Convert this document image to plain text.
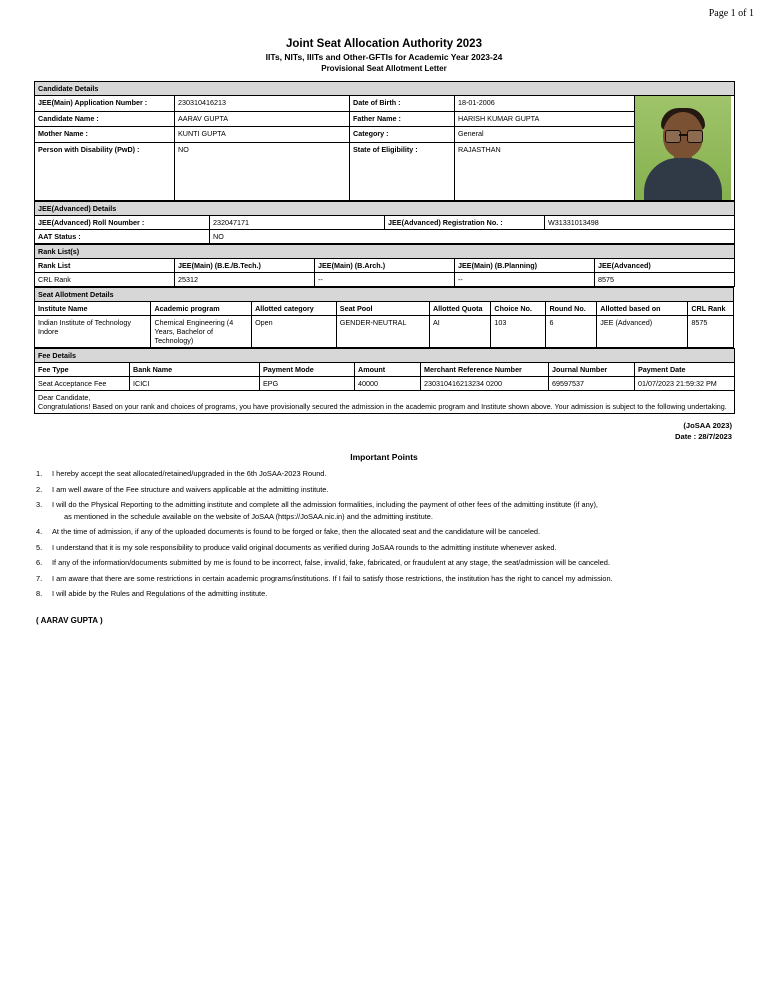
Page 1 of 1
Joint Seat Allocation Authority 2023
IITs, NITs, IIITs and Other-GFTIs for Academic Year 2023-24
Provisional Seat Allotment Letter
Candidate Details				
JEE(Main) Application Number :	230310416213	Date of Birth :	18-01-2006	

Candidate Name :	AARAV GUPTA	Father Name :	HARISH KUMAR GUPTA	
Mother Name :	KUNTI GUPTA	Category :	General	
Person with Disability (PwD) :	NO	State of Eligibility :	RAJASTHAN	
JEE(Advanced) Details			
JEE(Advanced) Roll Noumber :	232047171	JEE(Advanced) Registration No. :	W31331013498
AAT Status :	NO		
Rank List(s)				
Rank List	JEE(Main) (B.E./B.Tech.)	JEE(Main) (B.Arch.)	JEE(Main) (B.Planning)	JEE(Advanced)
CRL Rank	25312	--	--	8575
Seat Allotment Details								
Institute Name	Academic program	Allotted category	Seat Pool	Allotted Quota	Choice No.	Round No.	Allotted based on	CRL Rank
Indian Institute of Technology Indore	Chemical Engineering (4 Years, Bachelor of Technology)	Open	GENDER-NEUTRAL	AI	103	6	JEE (Advanced)	8575
Fee Details						
Fee Type	Bank Name	Payment Mode	Amount	Merchant Reference Number	Journal Number	Payment Date
Seat Acceptance Fee	ICICI	EPG	40000	230310416213234 0200	69597537	01/07/2023 21:59:32 PM

Dear Candidate,
Congratulations! Based on your rank and choices of programs, you have provisionally secured the admission in the academic program and Institute shown above. Your admission is subject to the following undertaking.						
(JoSAA 2023)
Date : 28/7/2023
Important Points
1. I hereby accept the seat allocated/retained/upgraded in the 6th JoSAA-2023 Round.
2. I am well aware of the Fee structure and waivers applicable at the admitting institute.
3. I will do the Physical Reporting to the admitting institute and complete all the admission formalities, including the payment of other fees of the admitting institute (if any),
as mentioned in the schedule available on the website of JoSAA (https://JoSAA.nic.in) and the admitting institute.
4. At the time of admission, if any of the uploaded documents is found to be forged or fake, then the allocated seat and the candidature will be canceled.
5. I understand that it is my sole responsibility to produce valid original documents as verified during JoSAA rounds to the admitting institute whenever asked.
6. If any of the information/documents submitted by me is found to be incorrect, false, invalid, fake, fabricated, or fraudulent at any stage, the seat/admission will be canceled.
7. I am aware that there are some restrictions in certain academic programs/institutions. If I fail to satisfy those restrictions, the institution has the right to cancel my admission.
8. I will abide by the Rules and Regulations of the admitting institute.
( AARAV GUPTA )
